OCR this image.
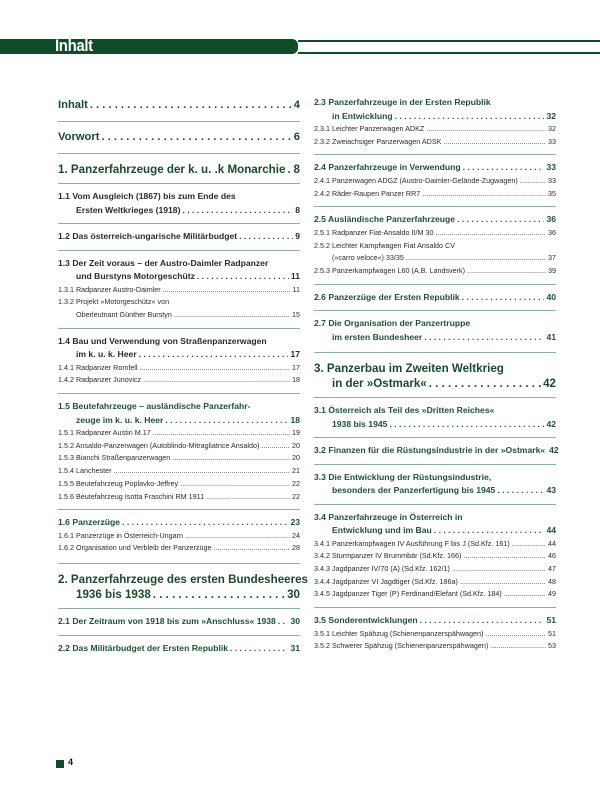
Inhalt
Inhalt . . .	4
Vorwort . . .	6
1. Panzerfahrzeuge der k. u. .k Monarchie . . . 8
1.1 Vom Ausgleich (1867) bis zum Ende des
Ersten Weltkrieges (1918) . . .	8
1.2 Das österreich-ungarische Militärbudget . . .	9
1.3 Der Zeit voraus – der Austro-Daimler Radpanzer
und Burstyns Motorgeschütz . . .	11
1.3.1 Radpanzer Austro-Daimler .....	11
1.3.2 Projekt »Motorgeschütz« von
Oberleutnant Günther Burstyn .....	15
1.4 Bau und Verwendung von Straßenpanzerwagen
im k. u. k. Heer . . .	17
1.4.1 Radpanzer Romfell .....	17
1.4.2 Radpanzer Junovicz .....	18
1.5 Beutefahrzeuge – ausländische Panzerfahr-
zeuge im k. u. k. Heer . . .	18
1.5.1 Radpanzer Austin M.17 .....	19
1.5.2 Ansaldo-Panzerwagen (Autoblindo-Mitragliatrice Ansaldo) .....	20
1.5.3 Bianchi Straßenpanzerwagen .....	20
1.5.4 Lanchester .....	21
1.5.5 Beutefahrzeug Poplavko-Jeffrey .....	22
1.5.6 Beutefahrzeug Isotta Fraschini RM 1911 .....	22
1.6 Panzerzüge . . .	23
1.6.1 Panzerzüge in Österreich-Ungarn .....	24
1.6.2 Organisation und Verbleib der Panzerzüge .....	28
2. Panzerfahrzeuge des ersten Bundesheeres
1936 bis 1938 . . .	30
2.1 Der Zeitraum von 1918 bis zum »Anschluss« 1938 . . . 30
2.2 Das Militärbudget der Ersten Republik . . .	31
2.3 Panzerfahrzeuge in der Ersten Republik
in Entwicklung . . .	32
2.3.1 Leichter Panzerwagen ADKZ .....	32
2.3.2 Zweiachsiger Panzerwagen ADSK .....	33
2.4 Panzerfahrzeuge in Verwendung . . .	33
2.4.1 Panzerwagen ADGZ (Austro-Daimler-Gelände-Zugwagen) .....	33
2.4.2 Räder-Raupen Panzer RR7 .....	35
2.5 Ausländische Panzerfahrzeuge . . .	36
2.5.1 Radpanzer Fiat-Ansaldo II/M 30 .....	36
2.5.2 Leichter Kampfwagen Fiat Ansaldo CV
(»carro veloce«) 33/35 .....	37
2.5.3 Panzerkampfwagen L60 (A.B. Landsverk) .....	39
2.6 Panzerzüge der Ersten Republik . . .	40
2.7 Die Organisation der Panzertruppe
im ersten Bundesheer . . .	41
3. Panzerbau im Zweiten Weltkrieg
in der »Ostmark« . . .	42
3.1 Österreich als Teil des »Dritten Reiches«
1938 bis 1945 . . .	42
3.2 Finanzen für die Rüstungsindustrie in der »Ostmark« 42
3.3 Die Entwicklung der Rüstungsindustrie,
besonders der Panzerfertigung bis 1945 . . .	43
3.4 Panzerfahrzeuge in Österreich in
Entwicklung und im Bau . . .	44
3.4.1 Panzerkampfwagen IV Ausführung F bis J (Sd.Kfz. 161) .....	44
3.4.2 Sturmpanzer IV Brummbär (Sd.Kfz. 166) .....	46
3.4.3 Jagdpanzer IV/70 (A) (Sd.Kfz. 162/1) .....	47
3.4.4 Jagdpanzer VI Jagdtiger (Sd.Kfz. 186a) .....	48
3.4.5 Jagdpanzer Tiger (P) Ferdinand/Elefant (Sd.Kfz. 184) .....	49
3.5 Sonderentwicklungen . . .	51
3.5.1 Leichter Spähzug (Schienenpanzerspähwagen) .....	51
3.5.2 Schwerer Spähzug (Schienenpanzerspähwagen) .....	53
4
